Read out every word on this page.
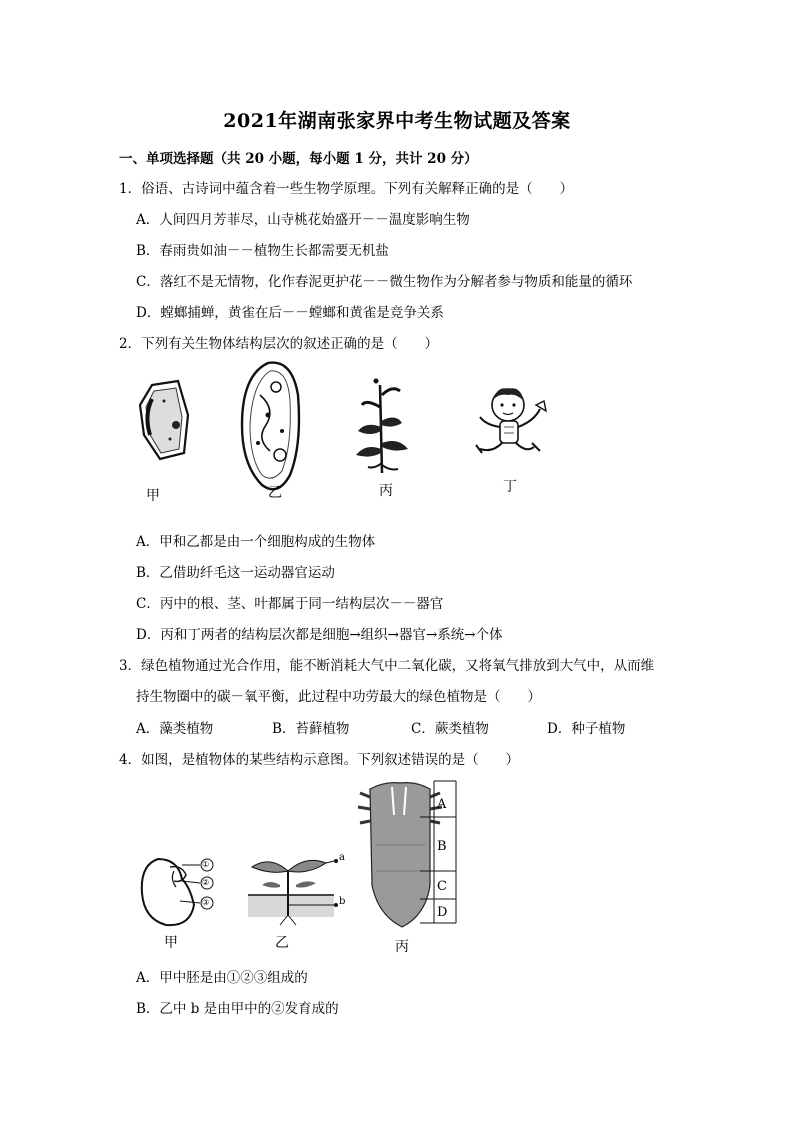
2021年湖南张家界中考生物试题及答案
一、单项选择题（共 20 小题，每小题 1 分，共计 20 分）
1．俗语、古诗词中蕴含着一些生物学原理。下列有关解释正确的是（　　）
A．人间四月芳菲尽，山寺桃花始盛开－－温度影响生物
B．春雨贵如油－－植物生长都需要无机盐
C．落红不是无情物，化作春泥更护花－－微生物作为分解者参与物质和能量的循环
D．螳螂捕蝉，黄雀在后－－螳螂和黄雀是竞争关系
2．下列有关生物体结构层次的叙述正确的是（　　）
甲	乙	丙	丁
A．甲和乙都是由一个细胞构成的生物体
B．乙借助纤毛这一运动器官运动
C．丙中的根、茎、叶都属于同一结构层次－－器官
D．丙和丁两者的结构层次都是细胞→组织→器官→系统→个体
3．绿色植物通过光合作用，能不断消耗大气中二氧化碳，又将氧气排放到大气中，从而维
持生物圈中的碳－氧平衡，此过程中功劳最大的绿色植物是（　　）
A．藻类植物	B．苔藓植物	C．蕨类植物	D．种子植物
4．如图，是植物体的某些结构示意图。下列叙述错误的是（　　）
①
②
③
a
b
A
B
C
D
甲	乙	丙
A．甲中胚是由①②③组成的
B．乙中 b 是由甲中的②发育成的
